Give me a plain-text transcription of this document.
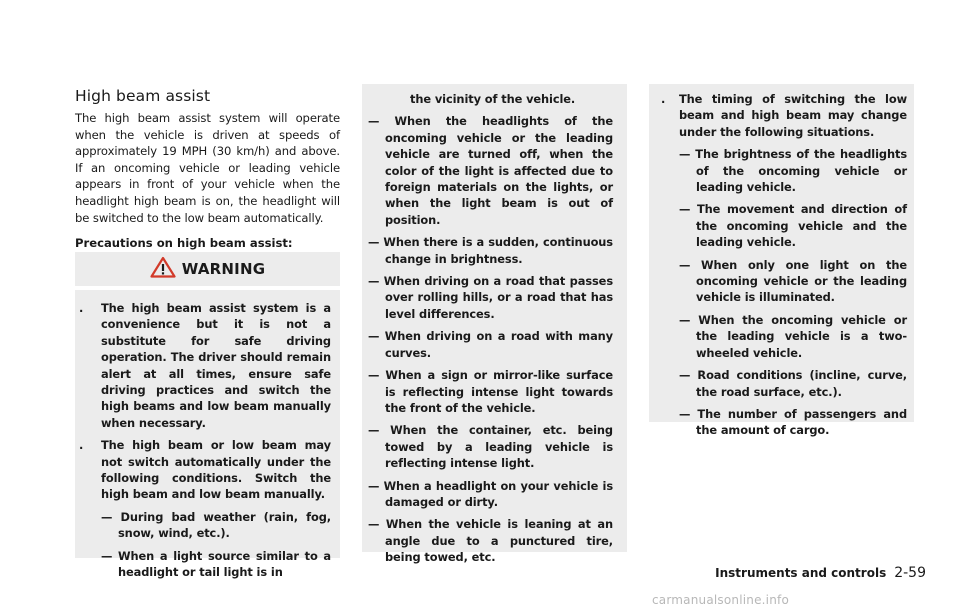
High beam assist

The high beam assist system will operate when the vehicle is driven at speeds of approximately 19 MPH (30 km/h) and above. If an oncoming vehicle or leading vehicle appears in front of your vehicle when the headlight high beam is on, the headlight will be switched to the low beam automatically.

Precautions on high beam assist:

WARNING
. The high beam assist system is a convenience but it is not a substitute for safe driving operation. The driver should remain alert at all times, ensure safe driving practices and switch the high beams and low beam manually when necessary.
. The high beam or low beam may not switch automatically under the following conditions. Switch the high beam and low beam manually.
— During bad weather (rain, fog, snow, wind, etc.).
— When a light source similar to a headlight or tail light is in
the vicinity of the vehicle.
— When the headlights of the oncoming vehicle or the leading vehicle are turned off, when the color of the light is affected due to foreign materials on the lights, or when the light beam is out of position.
— When there is a sudden, continuous change in brightness.
— When driving on a road that passes over rolling hills, or a road that has level differences.
— When driving on a road with many curves.
— When a sign or mirror-like surface is reflecting intense light towards the front of the vehicle.
— When the container, etc. being towed by a leading vehicle is reflecting intense light.
— When a headlight on your vehicle is damaged or dirty.
— When the vehicle is leaning at an angle due to a punctured tire, being towed, etc.
. The timing of switching the low beam and high beam may change under the following situations.
— The brightness of the headlights of the oncoming vehicle or leading vehicle.
— The movement and direction of the oncoming vehicle and the leading vehicle.
— When only one light on the oncoming vehicle or the leading vehicle is illuminated.
— When the oncoming vehicle or the leading vehicle is a two-wheeled vehicle.
— Road conditions (incline, curve, the road surface, etc.).
— The number of passengers and the amount of cargo.
Instruments and controls 2-59
carmanualsonline.info
